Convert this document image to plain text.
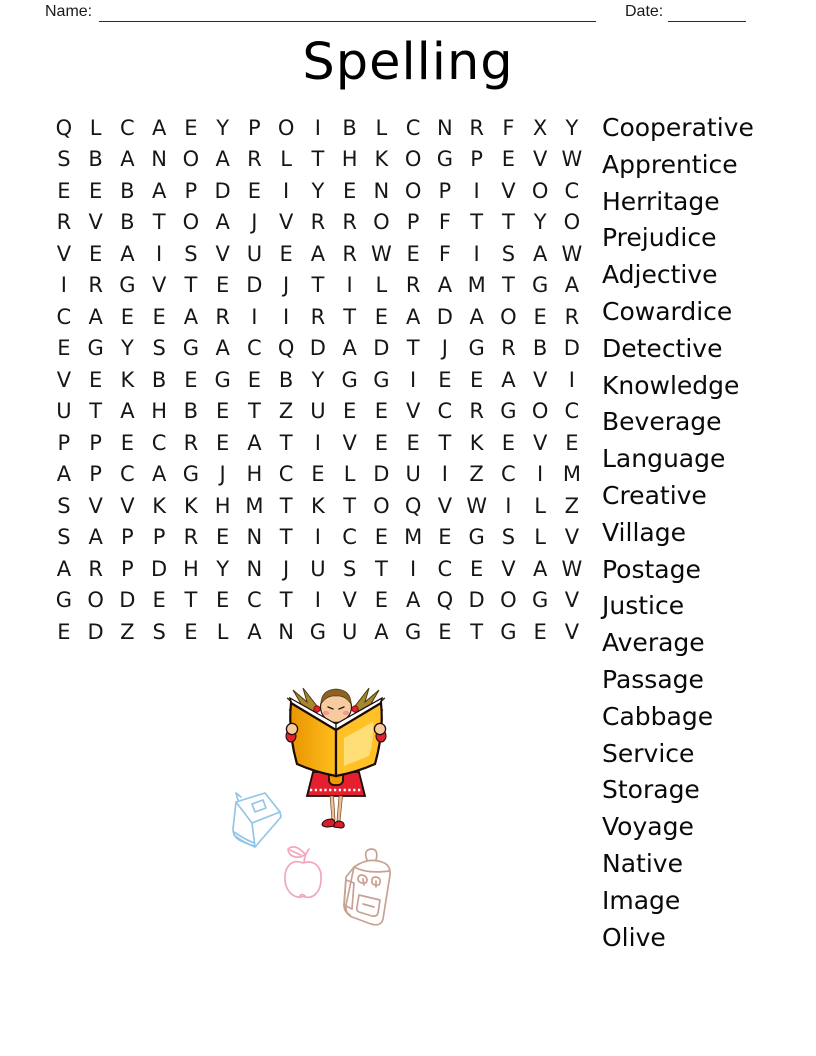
Name:	Date:
Spelling
Q L C A E Y P O I	B L C N R F X Y
S B A N O A R L T H K O G P E V W
E E B A P D E	I	Y E N O P	I	V O C
R V B T O A	J	V R R O P F T T Y O
V E A	I	S V U E A R W E F	I	S A W
I	R G V T E D J	T	I	L R A M T G A
C A E E A R	I	I	R T E A D A O E R
E G Y S G A C Q D A D T	J G R B D
V E K B E G E B Y G G I	E E A V	I
U T A H B E T Z U E E V C R G O C
P P E C R E A T	I	V E E T K E V E
A P C A G J H C E L D U I	Z C	I M
S V V K K H M T K T O Q V W I	L Z
S A P P R E N T	I	C E M E G S L V
A R P D H Y N J U S T	I	C E V A W
G O D E T E C T	I	V E A Q D O G V
E D Z S E L A N G U A G E T G E V
Cooperative
Apprentice
Herritage
Prejudice
Adjective
Cowardice
Detective
Knowledge
Beverage
Language
Creative
Village
Postage
Justice
Average
Passage
Cabbage
Service
Storage
Voyage
Native
Image
Olive
